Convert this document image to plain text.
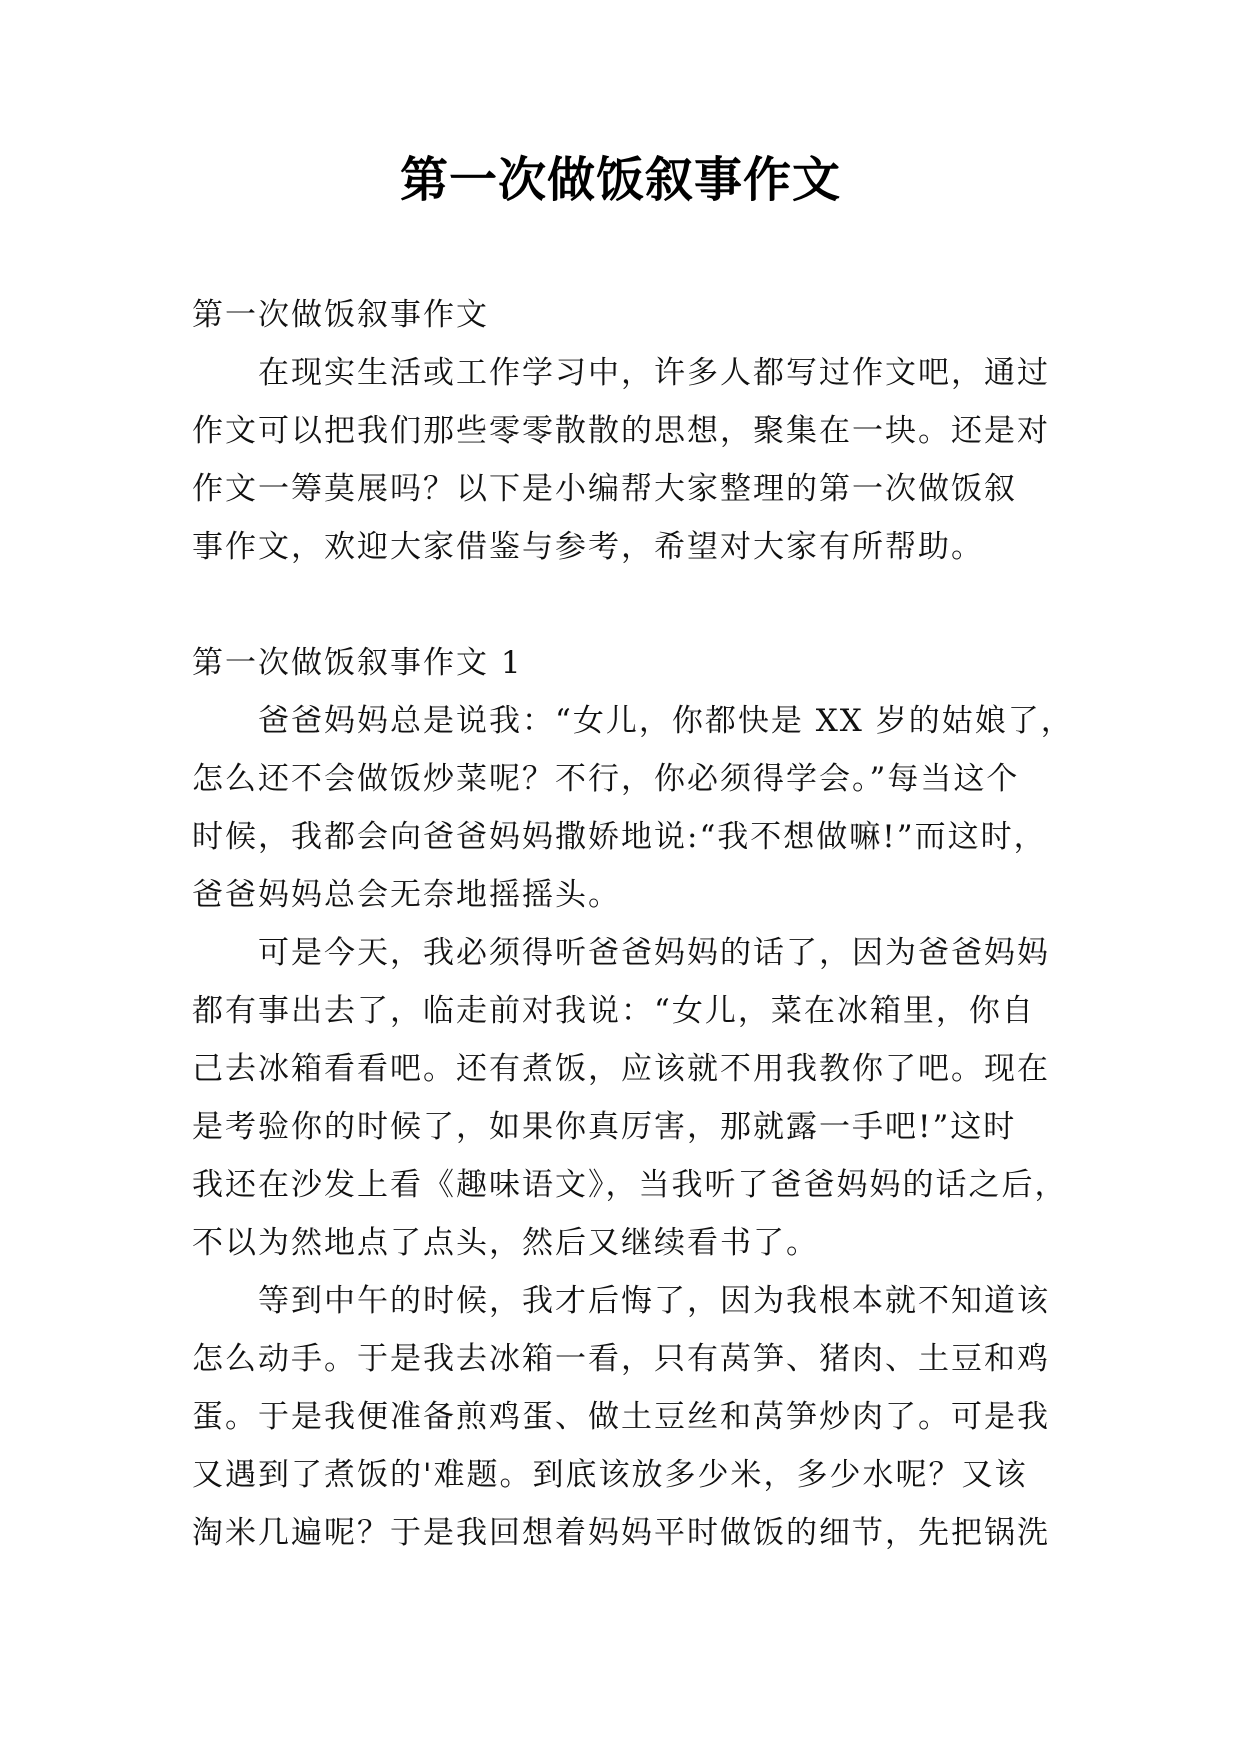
第一次做饭叙事作文
第一次做饭叙事作文
在现实生活或工作学习中，许多人都写过作文吧，通过
作文可以把我们那些零零散散的思想，聚集在一块。还是对
作文一筹莫展吗？以下是小编帮大家整理的第一次做饭叙
事作文，欢迎大家借鉴与参考，希望对大家有所帮助。
第一次做饭叙事作文 1
爸爸妈妈总是说我：“女儿，你都快是 XX 岁的姑娘了，
怎么还不会做饭炒菜呢？不行，你必须得学会。”每当这个
时候，我都会向爸爸妈妈撒娇地说:“我不想做嘛!”而这时，
爸爸妈妈总会无奈地摇摇头。
可是今天，我必须得听爸爸妈妈的话了，因为爸爸妈妈
都有事出去了，临走前对我说：“女儿，菜在冰箱里，你自
己去冰箱看看吧。还有煮饭，应该就不用我教你了吧。现在
是考验你的时候了，如果你真厉害，那就露一手吧!”这时
我还在沙发上看《趣味语文》，当我听了爸爸妈妈的话之后，
不以为然地点了点头，然后又继续看书了。
等到中午的时候，我才后悔了，因为我根本就不知道该
怎么动手。于是我去冰箱一看，只有莴笋、猪肉、土豆和鸡
蛋。于是我便准备煎鸡蛋、做土豆丝和莴笋炒肉了。可是我
又遇到了煮饭的'难题。到底该放多少米，多少水呢？又该
淘米几遍呢？于是我回想着妈妈平时做饭的细节，先把锅洗
